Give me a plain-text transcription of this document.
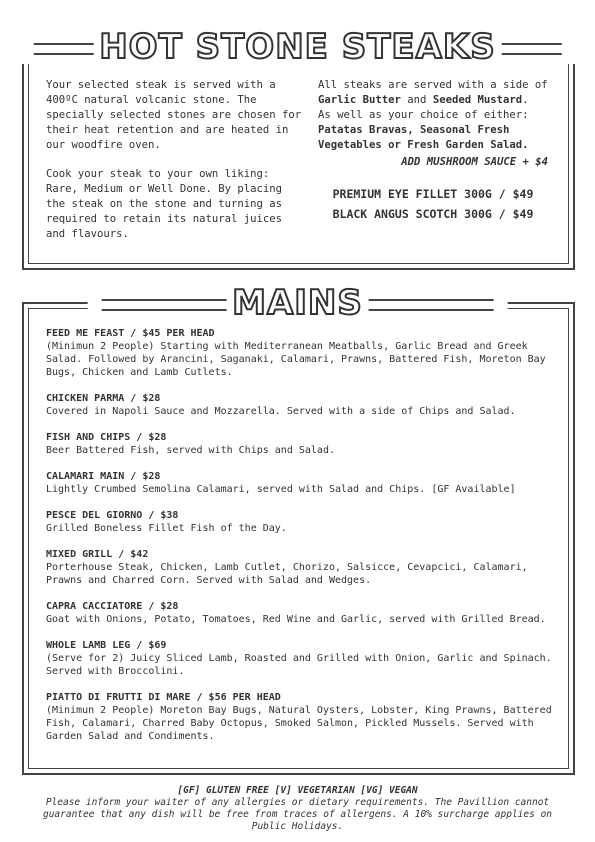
HOT STONE STEAKS

Your selected steak is served with a 400ºC natural volcanic stone. The specially selected stones are chosen for their heat retention and are heated in our woodfire oven.

Cook your steak to your own liking: Rare, Medium or Well Done. By placing the steak on the stone and turning as required to retain its natural juices and flavours.

All steaks are served with a side of Garlic Butter and Seeded Mustard.
As well as your choice of either:
Patatas Bravas, Seasonal Fresh Vegetables or Fresh Garden Salad.
ADD MUSHROOM SAUCE + $4
PREMIUM EYE FILLET 300G / $49
BLACK ANGUS SCOTCH 300G / $49
MAINS
FEED ME FEAST / $45 PER HEAD
(Minimun 2 People) Starting with Mediterranean Meatballs, Garlic Bread and Greek Salad. Followed by Arancini, Saganaki, Calamari, Prawns, Battered Fish, Moreton Bay Bugs, Chicken and Lamb Cutlets.
CHICKEN PARMA / $28
Covered in Napoli Sauce and Mozzarella. Served with a side of Chips and Salad.
FISH AND CHIPS / $28
Beer Battered Fish, served with Chips and Salad.
CALAMARI MAIN / $28
Lightly Crumbed Semolina Calamari, served with Salad and Chips. [GF Available]
PESCE DEL GIORNO / $38
Grilled Boneless Fillet Fish of the Day.
MIXED GRILL / $42
Porterhouse Steak, Chicken, Lamb Cutlet, Chorizo, Salsicce, Cevapcici, Calamari, Prawns and Charred Corn. Served with Salad and Wedges.
CAPRA CACCIATORE / $28
Goat with Onions, Potato, Tomatoes, Red Wine and Garlic, served with Grilled Bread.
WHOLE LAMB LEG / $69
(Serve for 2) Juicy Sliced Lamb, Roasted and Grilled with Onion, Garlic and Spinach.
Served with Broccolini.
PIATTO DI FRUTTI DI MARE / $56 PER HEAD
(Minimun 2 People) Moreton Bay Bugs, Natural Oysters, Lobster, King Prawns, Battered Fish, Calamari, Charred Baby Octopus, Smoked Salmon, Pickled Mussels. Served with Garden Salad and Condiments.
[GF] GLUTEN FREE [V] VEGETARIAN [VG] VEGAN
Please inform your waiter of any allergies or dietary requirements. The Pavillion cannot guarantee that any dish will be free from traces of allergens. A 10% surcharge applies on Public Holidays.
